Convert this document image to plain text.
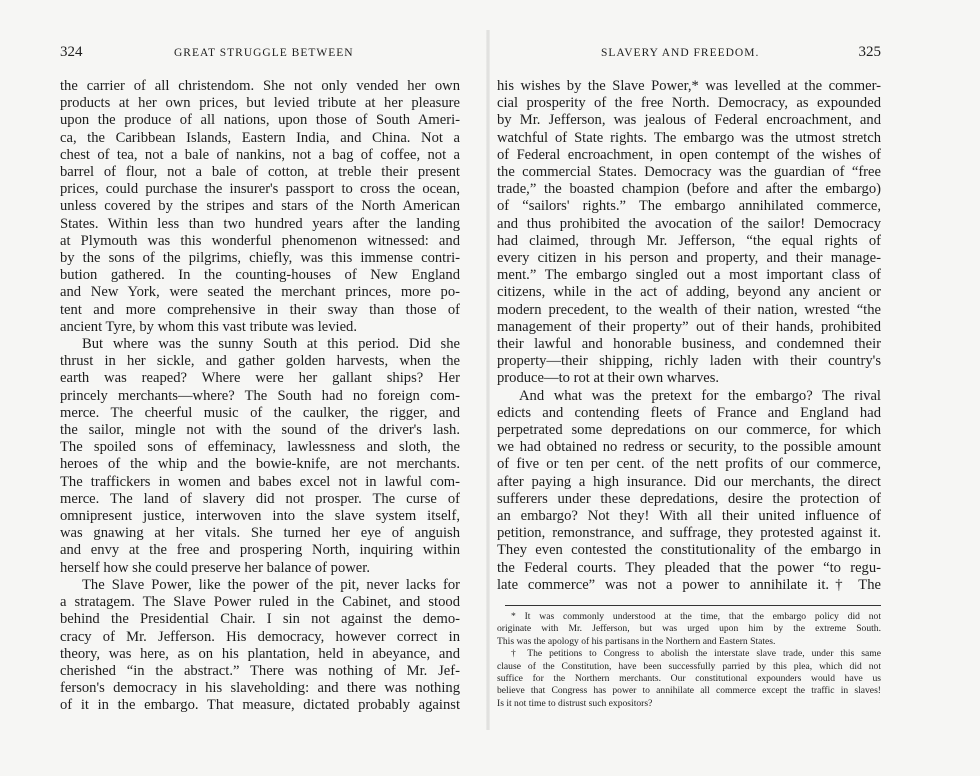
324	GREAT STRUGGLE BETWEEN
the carrier of all christendom. She not only vended her own
products at her own prices, but levied tribute at her pleasure
upon the produce of all nations, upon those of South Ameri-
ca, the Caribbean Islands, Eastern India, and China. Not a
chest of tea, not a bale of nankins, not a bag of coffee, not a
barrel of flour, not a bale of cotton, at treble their present
prices, could purchase the insurer's passport to cross the ocean,
unless covered by the stripes and stars of the North American
States. Within less than two hundred years after the landing
at Plymouth was this wonderful phenomenon witnessed: and
by the sons of the pilgrims, chiefly, was this immense contri-
bution gathered. In the counting-houses of New England
and New York, were seated the merchant princes, more po-
tent and more comprehensive in their sway than those of
ancient Tyre, by whom this vast tribute was levied.
But where was the sunny South at this period. Did she
thrust in her sickle, and gather golden harvests, when the
earth was reaped? Where were her gallant ships? Her
princely merchants—where? The South had no foreign com-
merce. The cheerful music of the caulker, the rigger, and
the sailor, mingle not with the sound of the driver's lash.
The spoiled sons of effeminacy, lawlessness and sloth, the
heroes of the whip and the bowie-knife, are not merchants.
The traffickers in women and babes excel not in lawful com-
merce. The land of slavery did not prosper. The curse of
omnipresent justice, interwoven into the slave system itself,
was gnawing at her vitals. She turned her eye of anguish
and envy at the free and prospering North, inquiring within
herself how she could preserve her balance of power.
The Slave Power, like the power of the pit, never lacks for
a stratagem. The Slave Power ruled in the Cabinet, and stood
behind the Presidential Chair. I sin not against the demo-
cracy of Mr. Jefferson. His democracy, however correct in
theory, was here, as on his plantation, held in abeyance, and
cherished “in the abstract.” There was nothing of Mr. Jef-
ferson's democracy in his slaveholding: and there was nothing
of it in the embargo. That measure, dictated probably against
SLAVERY AND FREEDOM.	325
his wishes by the Slave Power,* was levelled at the commer-
cial prosperity of the free North. Democracy, as expounded
by Mr. Jefferson, was jealous of Federal encroachment, and
watchful of State rights. The embargo was the utmost stretch
of Federal encroachment, in open contempt of the wishes of
the commercial States. Democracy was the guardian of “free
trade,” the boasted champion (before and after the embargo)
of “sailors' rights.” The embargo annihilated commerce,
and thus prohibited the avocation of the sailor! Democracy
had claimed, through Mr. Jefferson, “the equal rights of
every citizen in his person and property, and their manage-
ment.” The embargo singled out a most important class of
citizens, while in the act of adding, beyond any ancient or
modern precedent, to the wealth of their nation, wrested “the
management of their property” out of their hands, prohibited
their lawful and honorable business, and condemned their
property—their shipping, richly laden with their country's
produce—to rot at their own wharves.
And what was the pretext for the embargo? The rival
edicts and contending fleets of France and England had
perpetrated some depredations on our commerce, for which
we had obtained no redress or security, to the possible amount
of five or ten per cent. of the nett profits of our commerce,
after paying a high insurance. Did our merchants, the direct
sufferers under these depredations, desire the protection of
an embargo? Not they! With all their united influence of
petition, remonstrance, and suffrage, they protested against it.
They even contested the constitutionality of the embargo in
the Federal courts. They pleaded that the power “to regu-
late commerce” was not a power to annihilate it.† The
* It was commonly understood at the time, that the embargo policy did not
originate with Mr. Jefferson, but was urged upon him by the extreme South.
This was the apology of his partisans in the Northern and Eastern States.
† The petitions to Congress to abolish the interstate slave trade, under this same
clause of the Constitution, have been successfully parried by this plea, which did not
suffice for the Northern merchants. Our constitutional expounders would have us
believe that Congress has power to annihilate all commerce except the traffic in slaves!
Is it not time to distrust such expositors?
